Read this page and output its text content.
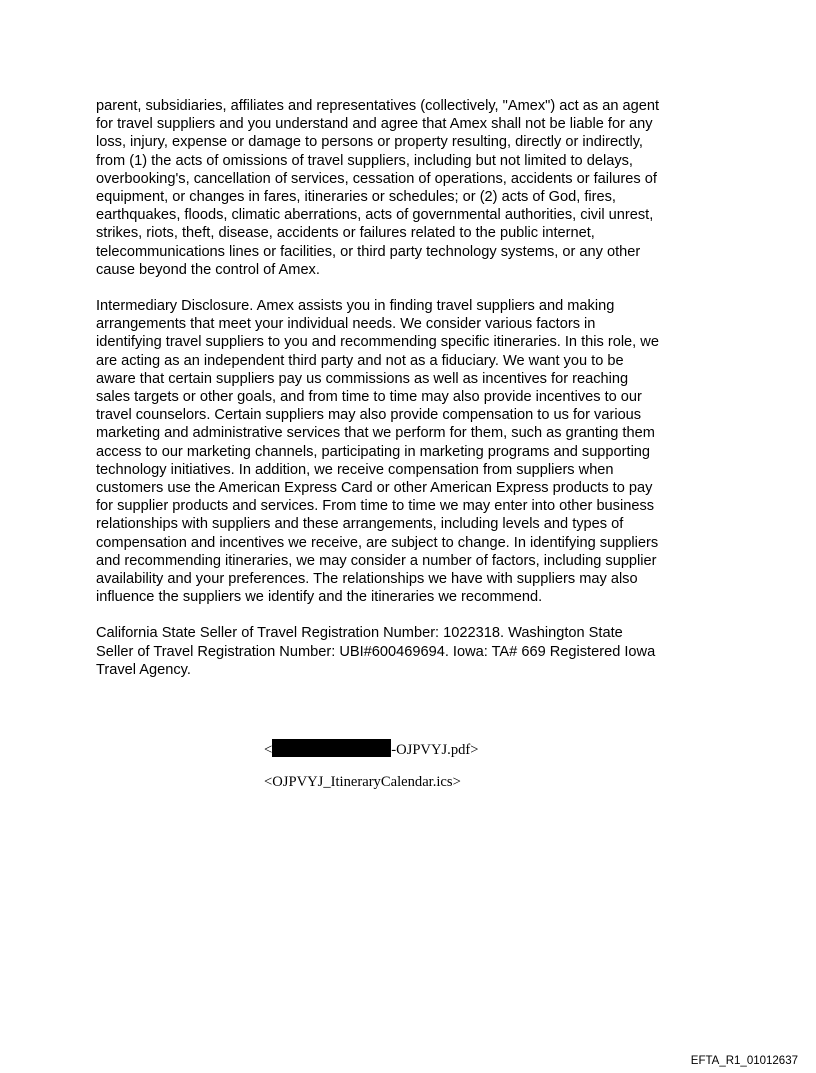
parent, subsidiaries, affiliates and representatives (collectively, "Amex") act as an agent
for travel suppliers and you understand and agree that Amex shall not be liable for any
loss, injury, expense or damage to persons or property resulting, directly or indirectly,
from (1) the acts of omissions of travel suppliers, including but not limited to delays,
overbooking's, cancellation of services, cessation of operations, accidents or failures of
equipment, or changes in fares, itineraries or schedules; or (2) acts of God, fires,
earthquakes, floods, climatic aberrations, acts of governmental authorities, civil unrest,
strikes, riots, theft, disease, accidents or failures related to the public internet,
telecommunications lines or facilities, or third party technology systems, or any other
cause beyond the control of Amex.

Intermediary Disclosure. Amex assists you in finding travel suppliers and making
arrangements that meet your individual needs. We consider various factors in
identifying travel suppliers to you and recommending specific itineraries. In this role, we
are acting as an independent third party and not as a fiduciary. We want you to be
aware that certain suppliers pay us commissions as well as incentives for reaching
sales targets or other goals, and from time to time may also provide incentives to our
travel counselors. Certain suppliers may also provide compensation to us for various
marketing and administrative services that we perform for them, such as granting them
access to our marketing channels, participating in marketing programs and supporting
technology initiatives. In addition, we receive compensation from suppliers when
customers use the American Express Card or other American Express products to pay
for supplier products and services. From time to time we may enter into other business
relationships with suppliers and these arrangements, including levels and types of
compensation and incentives we receive, are subject to change. In identifying suppliers
and recommending itineraries, we may consider a number of factors, including supplier
availability and your preferences. The relationships we have with suppliers may also
influence the suppliers we identify and the itineraries we recommend.

California State Seller of Travel Registration Number: 1022318. Washington State
Seller of Travel Registration Number: UBI#600469694. Iowa: TA# 669 Registered Iowa
Travel Agency.

<	-OJPVYJ.pdf>
<OJPVYJ_ItineraryCalendar.ics>
EFTA_R1_01012637
